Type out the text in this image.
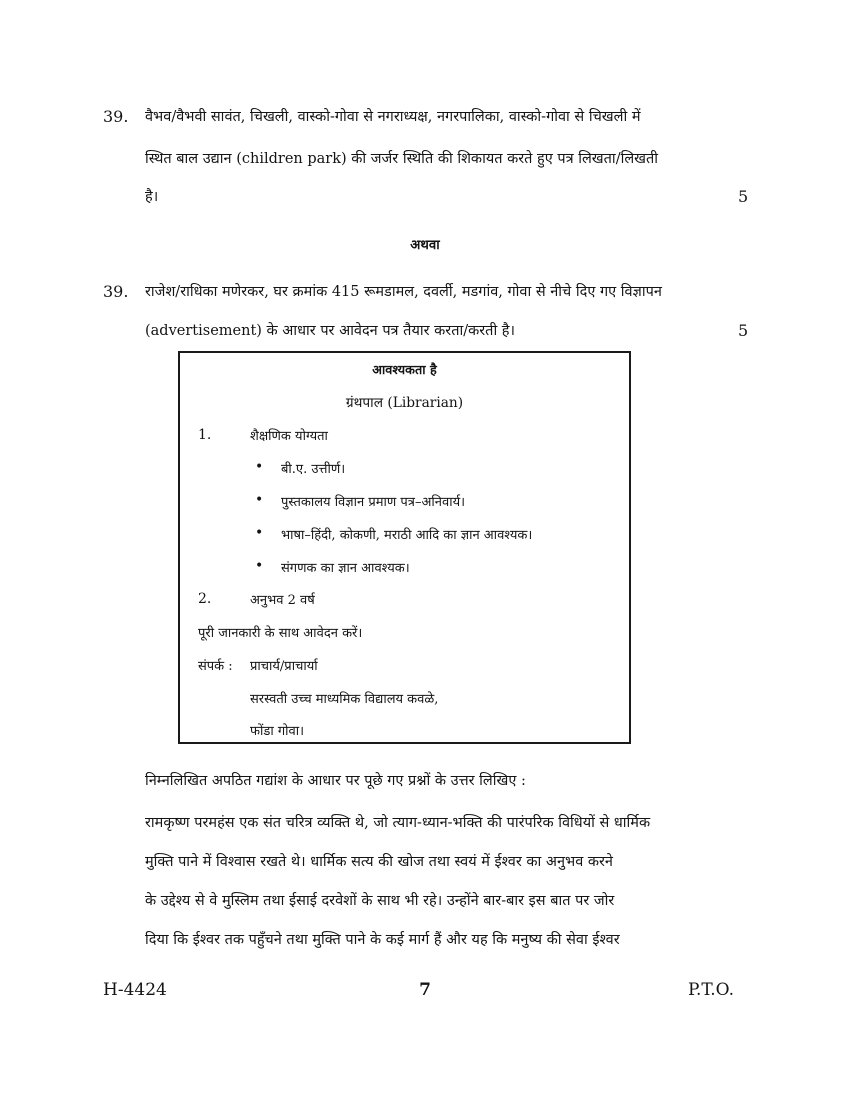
39. वैभव/वैभवी सावंत, चिखली, वास्को-गोवा से नगराध्यक्ष, नगरपालिका, वास्को-गोवा से चिखली में
स्थित बाल उद्यान (children park) की जर्जर स्थिति की शिकायत करते हुए पत्र लिखता/लिखती
है।	5
अथवा
39. राजेश/राधिका मणेरकर, घर क्रमांक 415 रूमडामल, दवर्ली, मडगांव, गोवा से नीचे दिए गए विज्ञापन
(advertisement) के आधार पर आवेदन पत्र तैयार करता/करती है।	5
आवश्यकता है
ग्रंथपाल (Librarian)
1.	शैक्षणिक योग्यता
• बी.ए. उत्तीर्ण।
• पुस्तकालय विज्ञान प्रमाण पत्र–अनिवार्य।
• भाषा–हिंदी, कोकणी, मराठी आदि का ज्ञान आवश्यक।
• संगणक का ज्ञान आवश्यक।
2.	अनुभव 2 वर्ष
पूरी जानकारी के साथ आवेदन करें।
संपर्क : प्राचार्य/प्राचार्या
सरस्वती उच्च माध्यमिक विद्यालय कवळे,
फोंडा गोवा।
निम्नलिखित अपठित गद्यांश के आधार पर पूछे गए प्रश्नों के उत्तर लिखिए :
रामकृष्ण परमहंस एक संत चरित्र व्यक्ति थे, जो त्याग-ध्यान-भक्ति की पारंपरिक विधियों से धार्मिक
मुक्ति पाने में विश्वास रखते थे। धार्मिक सत्य की खोज तथा स्वयं में ईश्वर का अनुभव करने
के उद्देश्य से वे मुस्लिम तथा ईसाई दरवेशों के साथ भी रहे। उन्होंने बार-बार इस बात पर जोर
दिया कि ईश्वर तक पहुँचने तथा मुक्ति पाने के कई मार्ग हैं और यह कि मनुष्य की सेवा ईश्वर
H-4424	7	P.T.O.
